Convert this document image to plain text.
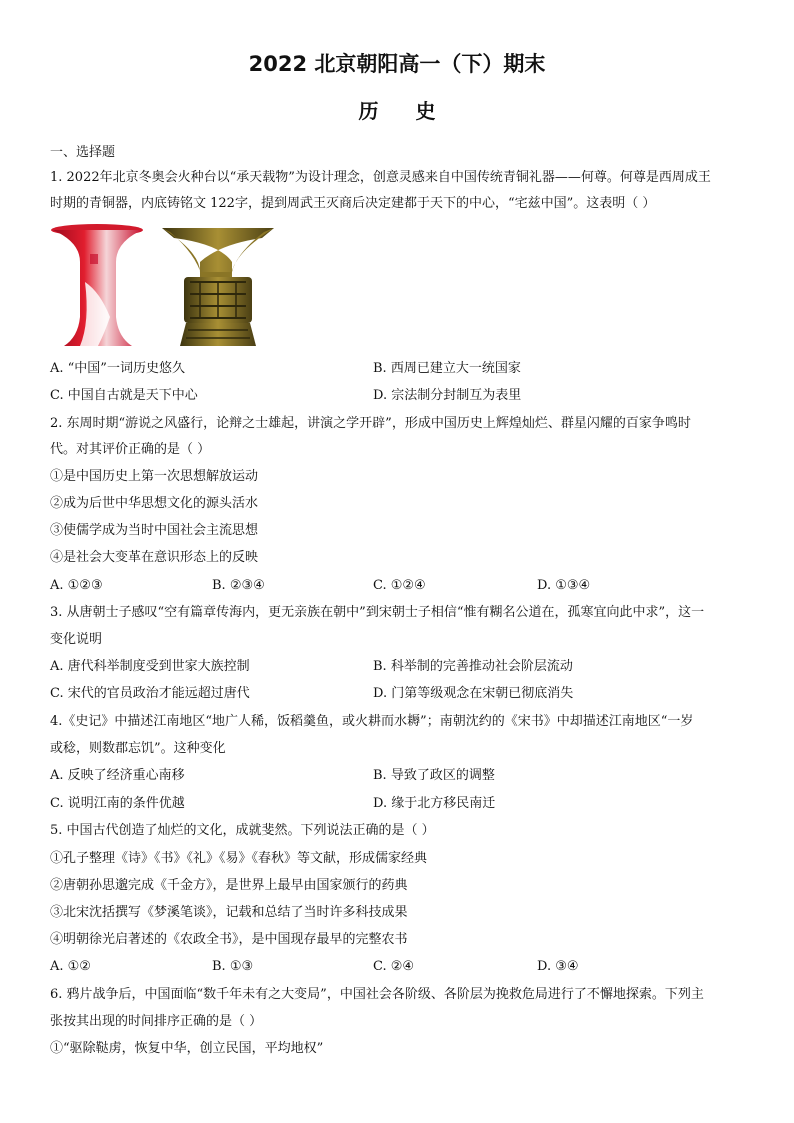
2022 北京朝阳高一（下）期末
历 史
一、选择题
1. 2022年北京冬奥会火种台以“承天载物”为设计理念，创意灵感来自中国传统青铜礼器——何尊。何尊是西周成王
时期的青铜器，内底铸铭文 122字，提到周武王灭商后决定建都于天下的中心，“宅兹中国”。这表明（ ）
A. “中国”一词历史悠久	B. 西周已建立大一统国家
C. 中国自古就是天下中心	D. 宗法制分封制互为表里
2. 东周时期“游说之风盛行，论辩之士雄起，讲演之学开辟”，形成中国历史上辉煌灿烂、群星闪耀的百家争鸣时
代。对其评价正确的是（ ）
①是中国历史上第一次思想解放运动
②成为后世中华思想文化的源头活水
③使儒学成为当时中国社会主流思想
④是社会大变革在意识形态上的反映
A. ①②③	B. ②③④	C. ①②④	D. ①③④
3. 从唐朝士子感叹“空有篇章传海内，更无亲族在朝中”到宋朝士子相信“惟有糊名公道在，孤寒宜向此中求”，这一
变化说明
A. 唐代科举制度受到世家大族控制	B. 科举制的完善推动社会阶层流动
C. 宋代的官员政治才能远超过唐代	D. 门第等级观念在宋朝已彻底消失
4.《史记》中描述江南地区“地广人稀，饭稻羹鱼，或火耕而水耨”；南朝沈约的《宋书》中却描述江南地区“一岁
或稔，则数郡忘饥”。这种变化
A. 反映了经济重心南移	B. 导致了政区的调整
C. 说明江南的条件优越	D. 缘于北方移民南迁
5. 中国古代创造了灿烂的文化，成就斐然。下列说法正确的是（ ）
①孔子整理《诗》《书》《礼》《易》《春秋》等文献，形成儒家经典
②唐朝孙思邈完成《千金方》，是世界上最早由国家颁行的药典
③北宋沈括撰写《梦溪笔谈》，记载和总结了当时许多科技成果
④明朝徐光启著述的《农政全书》，是中国现存最早的完整农书
A. ①②	B. ①③	C. ②④	D. ③④
6. 鸦片战争后，中国面临“数千年未有之大变局”，中国社会各阶级、各阶层为挽救危局进行了不懈地探索。下列主
张按其出现的时间排序正确的是（ ）
①“驱除鞑虏，恢复中华，创立民国，平均地权”
